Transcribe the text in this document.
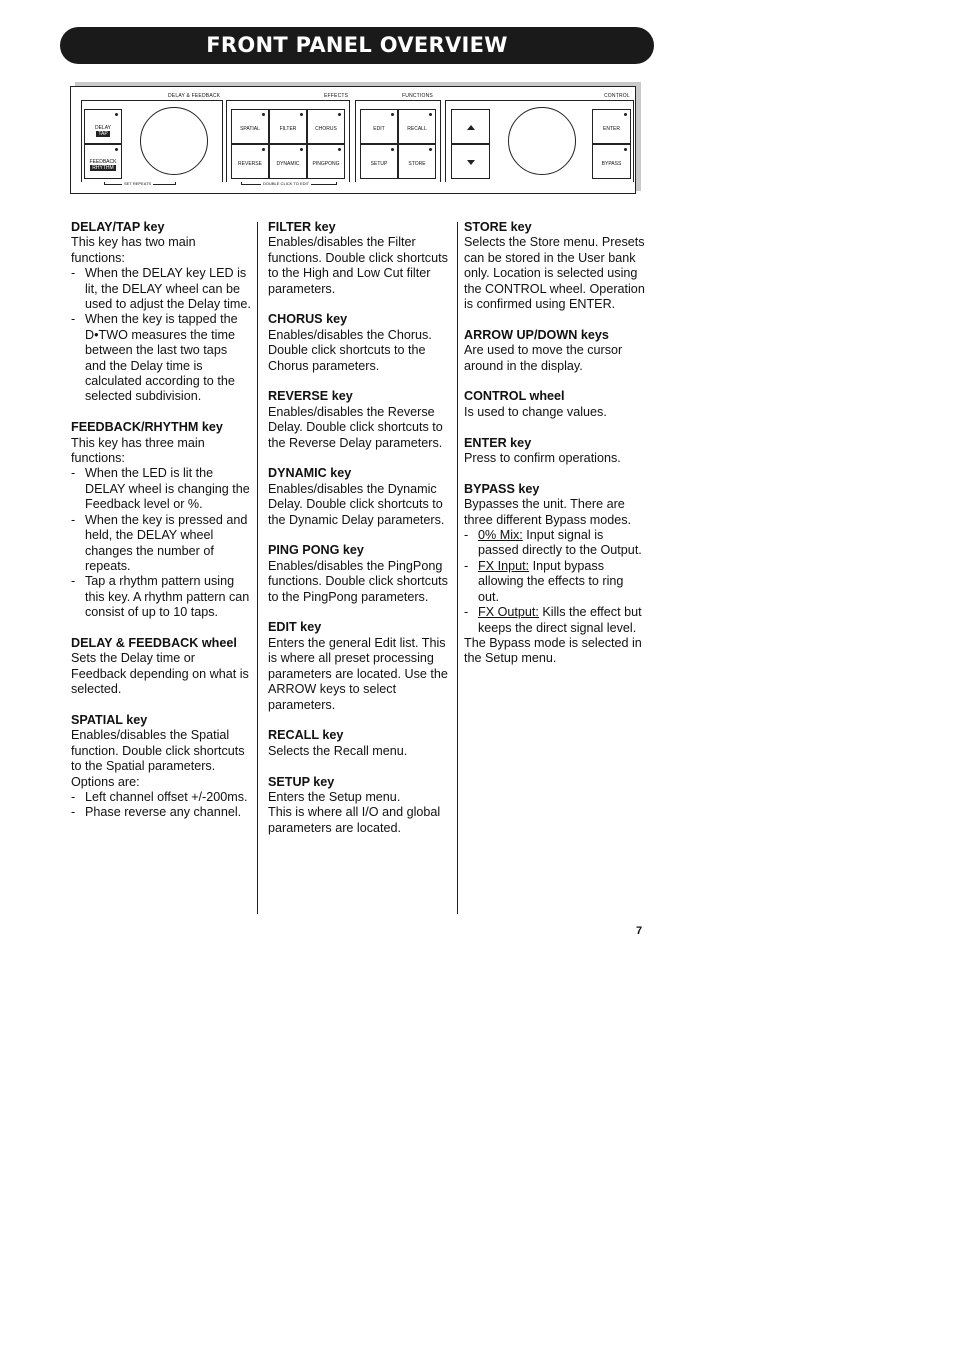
FRONT PANEL OVERVIEW
DELAY & FEEDBACK
DELAY
TAP
FEEDBACK
RHYTHM
SET REPEATS
EFFECTS
SPATIAL	FILTER	CHORUS
REVERSE	DYNAMIC	PINGPONG
DOUBLE CLICK TO EDIT
FUNCTIONS
EDIT	RECALL
SETUP	STORE
CONTROL
ENTER
BYPASS
DELAY/TAP key
This key has two main functions:
- When the DELAY key LED is lit, the DELAY wheel can be used to adjust the Delay time.
- When the key is tapped the D•TWO measures the time between the last two taps and the Delay time is calculated according to the selected subdivision.
FEEDBACK/RHYTHM key
This key has three main functions:
- When the LED is lit the DELAY wheel is changing the Feedback level or %.
- When the key is pressed and held, the DELAY wheel changes the number of repeats.
- Tap a rhythm pattern using this key. A rhythm pattern can consist of up to 10 taps.
DELAY & FEEDBACK wheel
Sets the Delay time or Feedback depending on what is selected.
SPATIAL key
Enables/disables the Spatial function. Double click shortcuts to the Spatial parameters. Options are:
- Left channel offset +/-200ms.
- Phase reverse any channel.
FILTER key
Enables/disables the Filter functions. Double click shortcuts to the High and Low Cut filter parameters.
CHORUS key
Enables/disables the Chorus. Double click shortcuts to the Chorus parameters.
REVERSE key
Enables/disables the Reverse Delay. Double click shortcuts to the Reverse Delay parameters.
DYNAMIC key
Enables/disables the Dynamic Delay. Double click shortcuts to the Dynamic Delay parameters.
PING PONG key
Enables/disables the PingPong functions. Double click shortcuts to the PingPong parameters.
EDIT key
Enters the general Edit list. This is where all preset processing parameters are located. Use the ARROW keys to select parameters.
RECALL key
Selects the Recall menu.
SETUP key
Enters the Setup menu.
This is where all I/O and global parameters are located.
STORE key
Selects the Store menu. Presets can be stored in the User bank only. Location is selected using the CONTROL wheel. Operation is confirmed using ENTER.
ARROW UP/DOWN keys
Are used to move the cursor around in the display.
CONTROL wheel
Is used to change values.
ENTER key
Press to confirm operations.
BYPASS key
Bypasses the unit. There are three different Bypass modes.
- 0% Mix: Input signal is passed directly to the Output.
- FX Input: Input bypass allowing the effects to ring out.
- FX Output: Kills the effect but keeps the direct signal level.
The Bypass mode is selected in the Setup menu.
7
